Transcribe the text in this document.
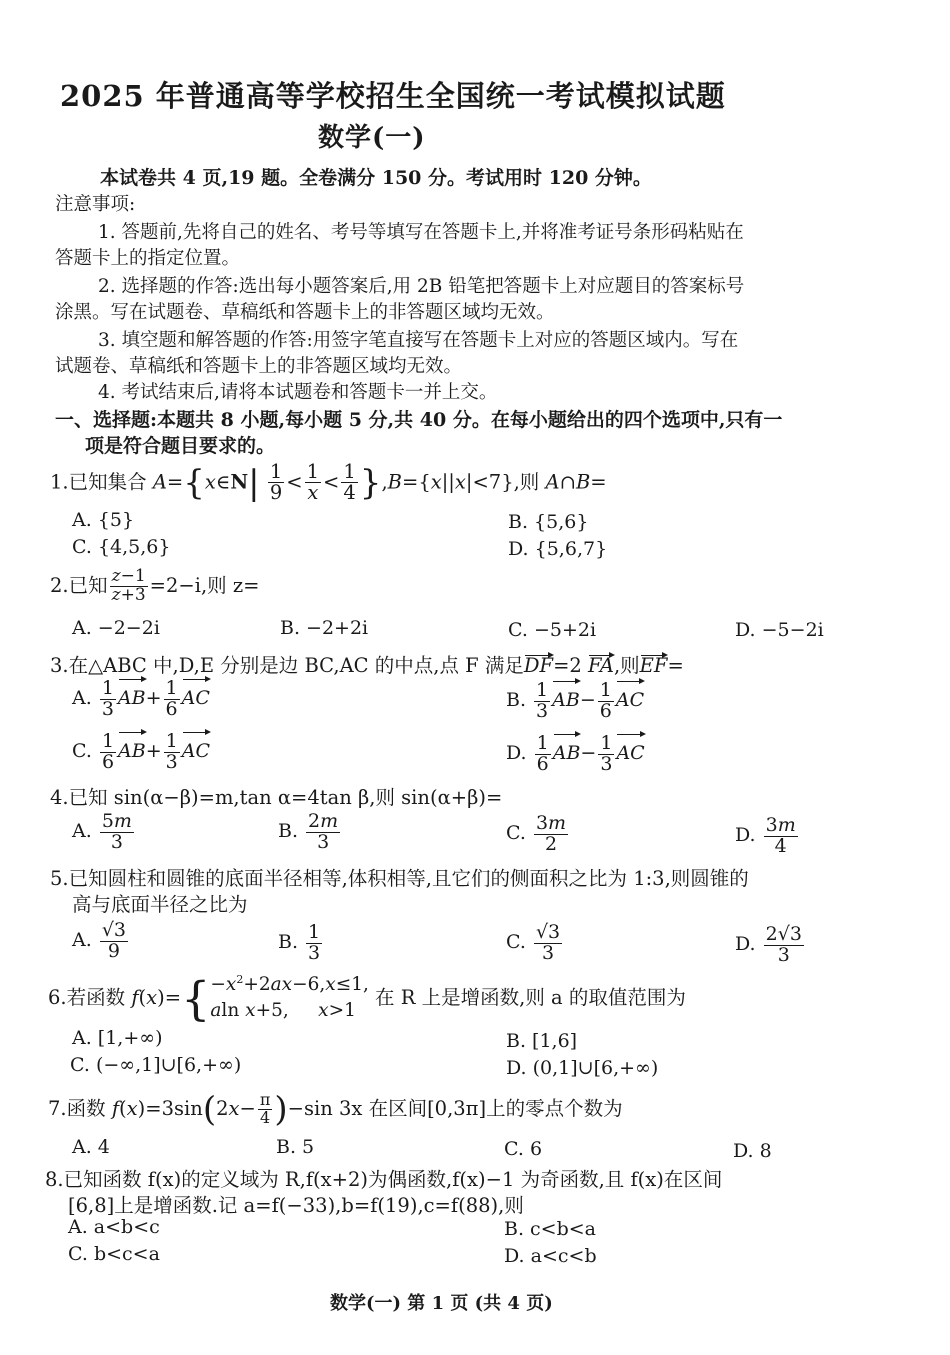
2025 年普通高等学校招生全国统一考试模拟试题
数学(一)
本试卷共 4 页,19 题。全卷满分 150 分。考试用时 120 分钟。
注意事项:
1. 答题前,先将自己的姓名、考号等填写在答题卡上,并将准考证号条形码粘贴在
答题卡上的指定位置。
2. 选择题的作答:选出每小题答案后,用 2B 铅笔把答题卡上对应题目的答案标号
涂黑。写在试题卷、草稿纸和答题卡上的非答题区域均无效。
3. 填空题和解答题的作答:用签字笔直接写在答题卡上对应的答题区域内。写在
试题卷、草稿纸和答题卡上的非答题区域均无效。
4. 考试结束后,请将本试题卷和答题卡一并上交。
一、选择题:本题共 8 小题,每小题 5 分,共 40 分。在每小题给出的四个选项中,只有一
项是符合题目要求的。
1.已知集合 A={x∈N| $\frac{1}{9} < \frac{1}{x} < \frac{1}{4} \},B=\{x||x|<7\}$,则 A∩B=
A. {5}	B. {5,6}
C. {4,5,6}	D. {5,6,7}
2.已知 $\frac{z-1}{z+3} =2-i$,则 z=
A. −2−2i	B. −2+2i	C. −5+2i	D. −5−2i
3.在△ABC 中,D,E 分别是边 BC,AC 的中点,点 F 满足DF=2 FA,则EF=
A. $\frac{1}{3} AB+ \frac{1}{6}$ AC	B. $\frac{1}{3} AB- \frac{1}{6}$ AC
C. $\frac{1}{6} AB+ \frac{1}{3}$ AC	D. $\frac{1}{6} AB- \frac{1}{3}$ AC
4.已知 sin(α−β)=m,tan α=4tan β,则 sin(α+β)=
A. $\frac{5m}{3}$	B. $\frac{2m}{3}$	C. $\frac{3m}{2}$	D. $\frac{3m}{4}$
5.已知圆柱和圆锥的底面半径相等,体积相等,且它们的侧面积之比为 1:3,则圆锥的
高与底面半径之比为
A. $\frac{√3}{9}$	B. $\frac{1}{3}$	C. $\frac{√3}{3}$	D. $\frac{2√3}{3}$
6.若函数 $f(x)=\{-x^2+2ax-6,x\le 1$,
aln x+5,     x>1 在 R 上是增函数,则 a 的取值范围为
A. [1,+∞)	B. [1,6]
C. (−∞,1]∪[6,+∞)	D. (0,1]∪[6,+∞)
7.函数 $f(x)=3\sin(2x- \frac{\pi}{4} )-\sin$ 3x 在区间[0,3π]上的零点个数为
A. 4	B. 5	C. 6	D. 8
8.已知函数 f(x)的定义域为 R,f(x+2)为偶函数,f(x)−1 为奇函数,且 f(x)在区间
[6,8]上是增函数.记 a=f(−33),b=f(19),c=f(88),则
A. a<b<c	B. c<b<a
C. b<c<a	D. a<c<b
数学(一) 第 1 页 (共 4 页)
